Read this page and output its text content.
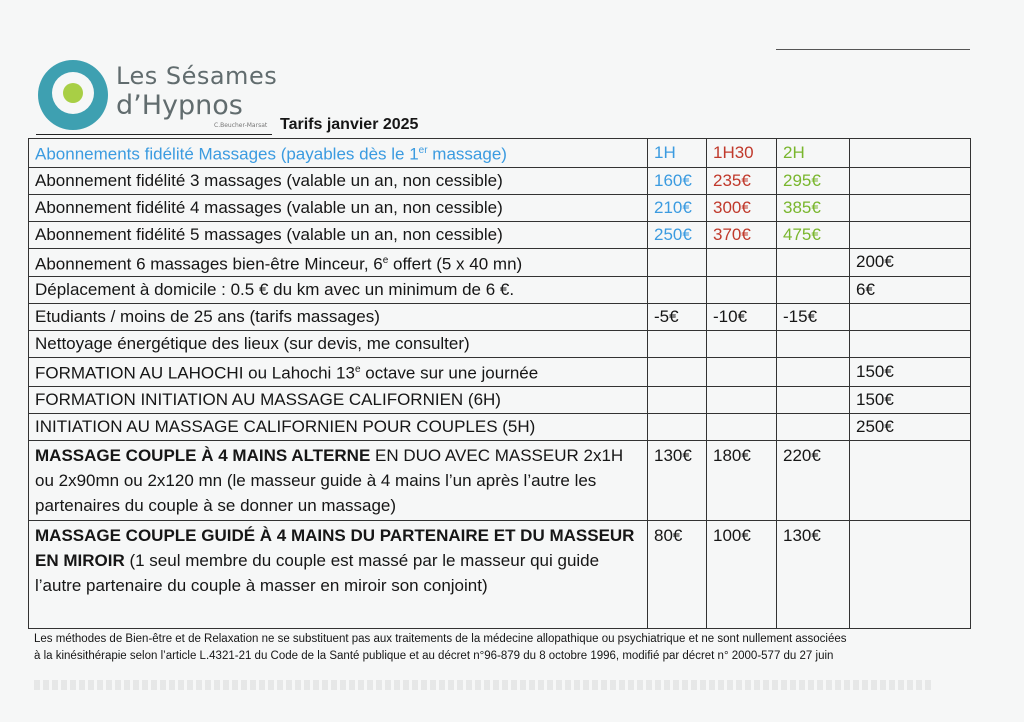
Les Sésames
d’Hypnos
C.Beucher-Marsat Tarifs janvier 2025
Abonnements fidélité Massages (payables dès le 1er massage)	1H	1H30	2H	
Abonnement fidélité 3 massages (valable un an, non cessible)	160€	235€	295€	
Abonnement fidélité 4 massages (valable un an, non cessible)	210€	300€	385€	
Abonnement fidélité 5 massages (valable un an, non cessible)	250€	370€	475€	
Abonnement 6 massages bien-être Minceur, 6e offert (5 x 40 mn)				200€
Déplacement à domicile : 0.5 € du km avec un minimum de 6 €.				6€
Etudiants / moins de 25 ans (tarifs massages)	-5€	-10€	-15€	
Nettoyage énergétique des lieux (sur devis, me consulter)				
FORMATION AU LAHOCHI ou Lahochi 13e octave sur une journée				150€
FORMATION INITIATION AU MASSAGE CALIFORNIEN (6H)				150€
INITIATION AU MASSAGE CALIFORNIEN POUR COUPLES (5H)				250€
MASSAGE COUPLE À 4 MAINS ALTERNE EN DUO AVEC MASSEUR 2x1H ou 2x90mn ou 2x120 mn (le masseur guide à 4 mains l’un après l’autre les partenaires du couple à se donner un massage)	130€	180€	220€	
MASSAGE COUPLE GUIDÉ À 4 MAINS DU PARTENAIRE ET DU MASSEUR EN MIROIR (1 seul membre du couple est massé par le masseur qui guide l’autre partenaire du couple à masser en miroir son conjoint)	80€	100€	130€	

Les méthodes de Bien-être et de Relaxation ne se substituent pas aux traitements de la médecine allopathique ou psychiatrique et ne sont nullement associées

à la kinésithérapie selon l’article L.4321-21 du Code de la Santé publique et au décret n°96-879 du 8 octobre 1996, modifié par décret n° 2000-577 du 27 juin
